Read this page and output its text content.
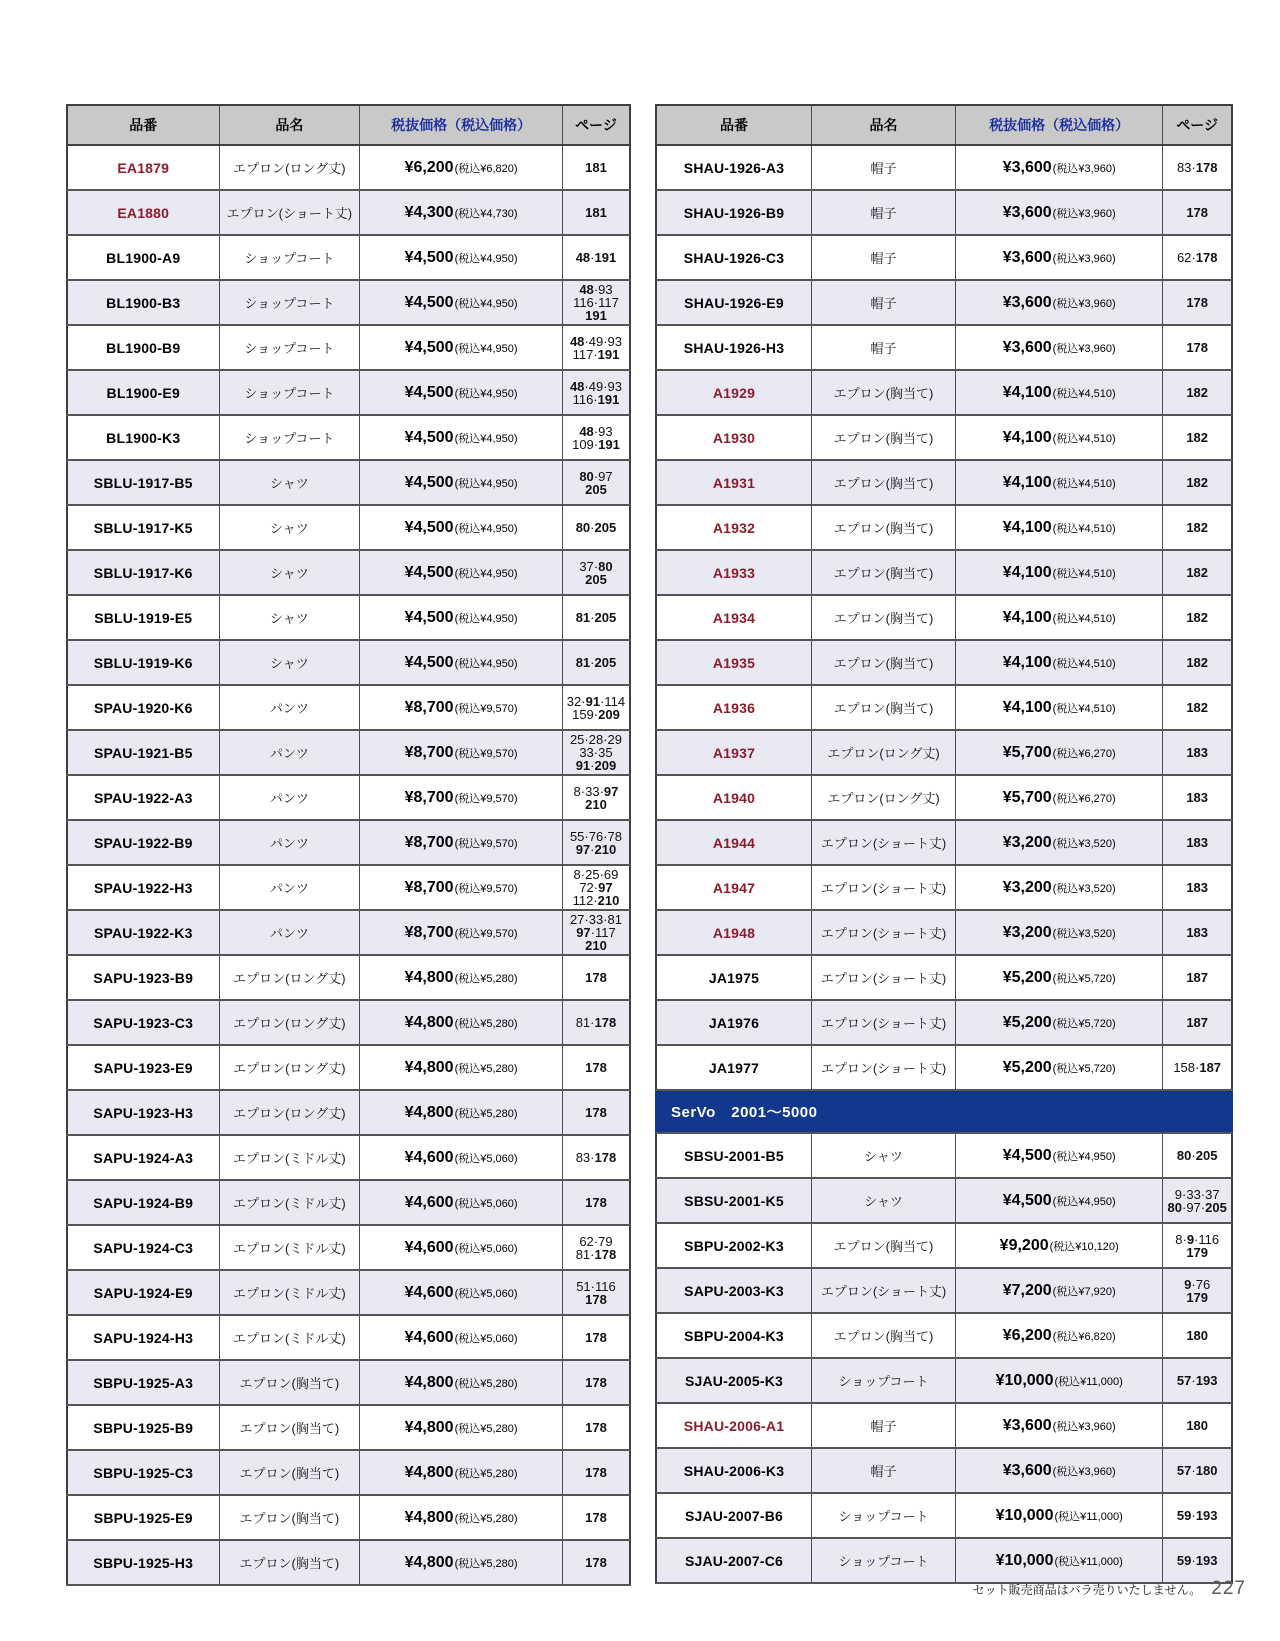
品番	品名	税抜価格（税込価格）	ページ
EA1879	エプロン(ロング丈)	¥6,200(税込¥6,820)	181
EA1880	エプロン(ショート丈)	¥4,300(税込¥4,730)	181
BL1900-A9	ショップコート	¥4,500(税込¥4,950)	48·191
BL1900-B3	ショップコート	¥4,500(税込¥4,950)	48·93
116·117
191
BL1900-B9	ショップコート	¥4,500(税込¥4,950)	48·49·93
117·191
BL1900-E9	ショップコート	¥4,500(税込¥4,950)	48·49·93
116·191
BL1900-K3	ショップコート	¥4,500(税込¥4,950)	48·93
109·191
SBLU-1917-B5	シャツ	¥4,500(税込¥4,950)	80·97
205
SBLU-1917-K5	シャツ	¥4,500(税込¥4,950)	80·205
SBLU-1917-K6	シャツ	¥4,500(税込¥4,950)	37·80
205
SBLU-1919-E5	シャツ	¥4,500(税込¥4,950)	81·205
SBLU-1919-K6	シャツ	¥4,500(税込¥4,950)	81·205
SPAU-1920-K6	パンツ	¥8,700(税込¥9,570)	32·91·114
159·209
SPAU-1921-B5	パンツ	¥8,700(税込¥9,570)	25·28·29
33·35
91·209
SPAU-1922-A3	パンツ	¥8,700(税込¥9,570)	8·33·97
210
SPAU-1922-B9	パンツ	¥8,700(税込¥9,570)	55·76·78
97·210
SPAU-1922-H3	パンツ	¥8,700(税込¥9,570)	8·25·69
72·97
112·210
SPAU-1922-K3	パンツ	¥8,700(税込¥9,570)	27·33·81
97·117
210
SAPU-1923-B9	エプロン(ロング丈)	¥4,800(税込¥5,280)	178
SAPU-1923-C3	エプロン(ロング丈)	¥4,800(税込¥5,280)	81·178
SAPU-1923-E9	エプロン(ロング丈)	¥4,800(税込¥5,280)	178
SAPU-1923-H3	エプロン(ロング丈)	¥4,800(税込¥5,280)	178
SAPU-1924-A3	エプロン(ミドル丈)	¥4,600(税込¥5,060)	83·178
SAPU-1924-B9	エプロン(ミドル丈)	¥4,600(税込¥5,060)	178
SAPU-1924-C3	エプロン(ミドル丈)	¥4,600(税込¥5,060)	62·79
81·178
SAPU-1924-E9	エプロン(ミドル丈)	¥4,600(税込¥5,060)	51·116
178
SAPU-1924-H3	エプロン(ミドル丈)	¥4,600(税込¥5,060)	178
SBPU-1925-A3	エプロン(胸当て)	¥4,800(税込¥5,280)	178
SBPU-1925-B9	エプロン(胸当て)	¥4,800(税込¥5,280)	178
SBPU-1925-C3	エプロン(胸当て)	¥4,800(税込¥5,280)	178
SBPU-1925-E9	エプロン(胸当て)	¥4,800(税込¥5,280)	178
SBPU-1925-H3	エプロン(胸当て)	¥4,800(税込¥5,280)	178
品番	品名	税抜価格（税込価格）	ページ
SHAU-1926-A3	帽子	¥3,600(税込¥3,960)	83·178
SHAU-1926-B9	帽子	¥3,600(税込¥3,960)	178
SHAU-1926-C3	帽子	¥3,600(税込¥3,960)	62·178
SHAU-1926-E9	帽子	¥3,600(税込¥3,960)	178
SHAU-1926-H3	帽子	¥3,600(税込¥3,960)	178
A1929	エプロン(胸当て)	¥4,100(税込¥4,510)	182
A1930	エプロン(胸当て)	¥4,100(税込¥4,510)	182
A1931	エプロン(胸当て)	¥4,100(税込¥4,510)	182
A1932	エプロン(胸当て)	¥4,100(税込¥4,510)	182
A1933	エプロン(胸当て)	¥4,100(税込¥4,510)	182
A1934	エプロン(胸当て)	¥4,100(税込¥4,510)	182
A1935	エプロン(胸当て)	¥4,100(税込¥4,510)	182
A1936	エプロン(胸当て)	¥4,100(税込¥4,510)	182
A1937	エプロン(ロング丈)	¥5,700(税込¥6,270)	183
A1940	エプロン(ロング丈)	¥5,700(税込¥6,270)	183
A1944	エプロン(ショート丈)	¥3,200(税込¥3,520)	183
A1947	エプロン(ショート丈)	¥3,200(税込¥3,520)	183
A1948	エプロン(ショート丈)	¥3,200(税込¥3,520)	183
JA1975	エプロン(ショート丈)	¥5,200(税込¥5,720)	187
JA1976	エプロン(ショート丈)	¥5,200(税込¥5,720)	187
JA1977	エプロン(ショート丈)	¥5,200(税込¥5,720)	158·187
SerVo　2001～5000			
SBSU-2001-B5	シャツ	¥4,500(税込¥4,950)	80·205
SBSU-2001-K5	シャツ	¥4,500(税込¥4,950)	9·33·37
80·97·205
SBPU-2002-K3	エプロン(胸当て)	¥9,200(税込¥10,120)	8·9·116
179
SAPU-2003-K3	エプロン(ショート丈)	¥7,200(税込¥7,920)	9·76
179
SBPU-2004-K3	エプロン(胸当て)	¥6,200(税込¥6,820)	180
SJAU-2005-K3	ショップコート	¥10,000(税込¥11,000)	57·193
SHAU-2006-A1	帽子	¥3,600(税込¥3,960)	180
SHAU-2006-K3	帽子	¥3,600(税込¥3,960)	57·180
SJAU-2007-B6	ショップコート	¥10,000(税込¥11,000)	59·193
SJAU-2007-C6	ショップコート	¥10,000(税込¥11,000)	59·193
セット販売商品はバラ売りいたしません。 227
